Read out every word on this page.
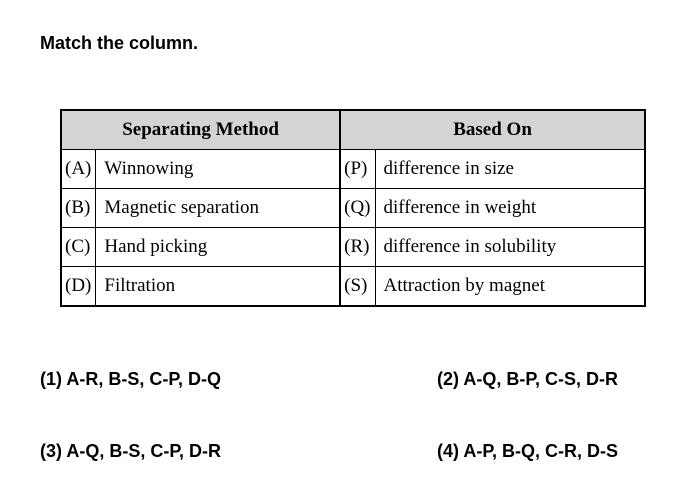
Match the column.
Separating Method		Based On	
(A)	Winnowing	(P)	difference in size
(B)	Magnetic separation	(Q)	difference in weight
(C)	Hand picking	(R)	difference in solubility
(D)	Filtration	(S)	Attraction by magnet
(1) A-R, B-S, C-P, D-Q	(2) A-Q, B-P, C-S, D-R
(3) A-Q, B-S, C-P, D-R	(4) A-P, B-Q, C-R, D-S
